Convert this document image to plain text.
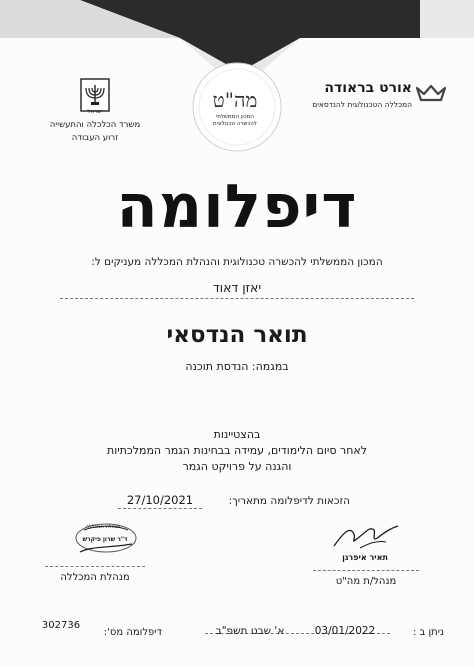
מה"ט
המכון הממשלתי
להכשרה טכנולוגית
אורט בראודה
המכללה הטכנולוגית להנדסאים
ישראל
משרד הכלכלה והתעשייה
זרוע העבודה
דיפלומה
המכון הממשלתי להכשרה טכנולוגית והנהלת המכללה מעניקים ל:
יאזן דאוד
תואר הנדסאי
במגמה: הנדסת תוכנה
בהצטיינות
לאחר סיום הלימודים, עמידה בבחינות הגמר הממלכתיות
והגנה על פרויקט הגמר
הזכאות לדיפלומה מתאריך:
27/10/2021
תאיר איפרגן
מנהל/ת מה"ט
מנהלת המכללה
ד"ר שרון פיקרש
מנהלת המכללה
ניתן ב :
03/01/2022
א' שבט תשפ"ב
דיפלומה מס':
302736
